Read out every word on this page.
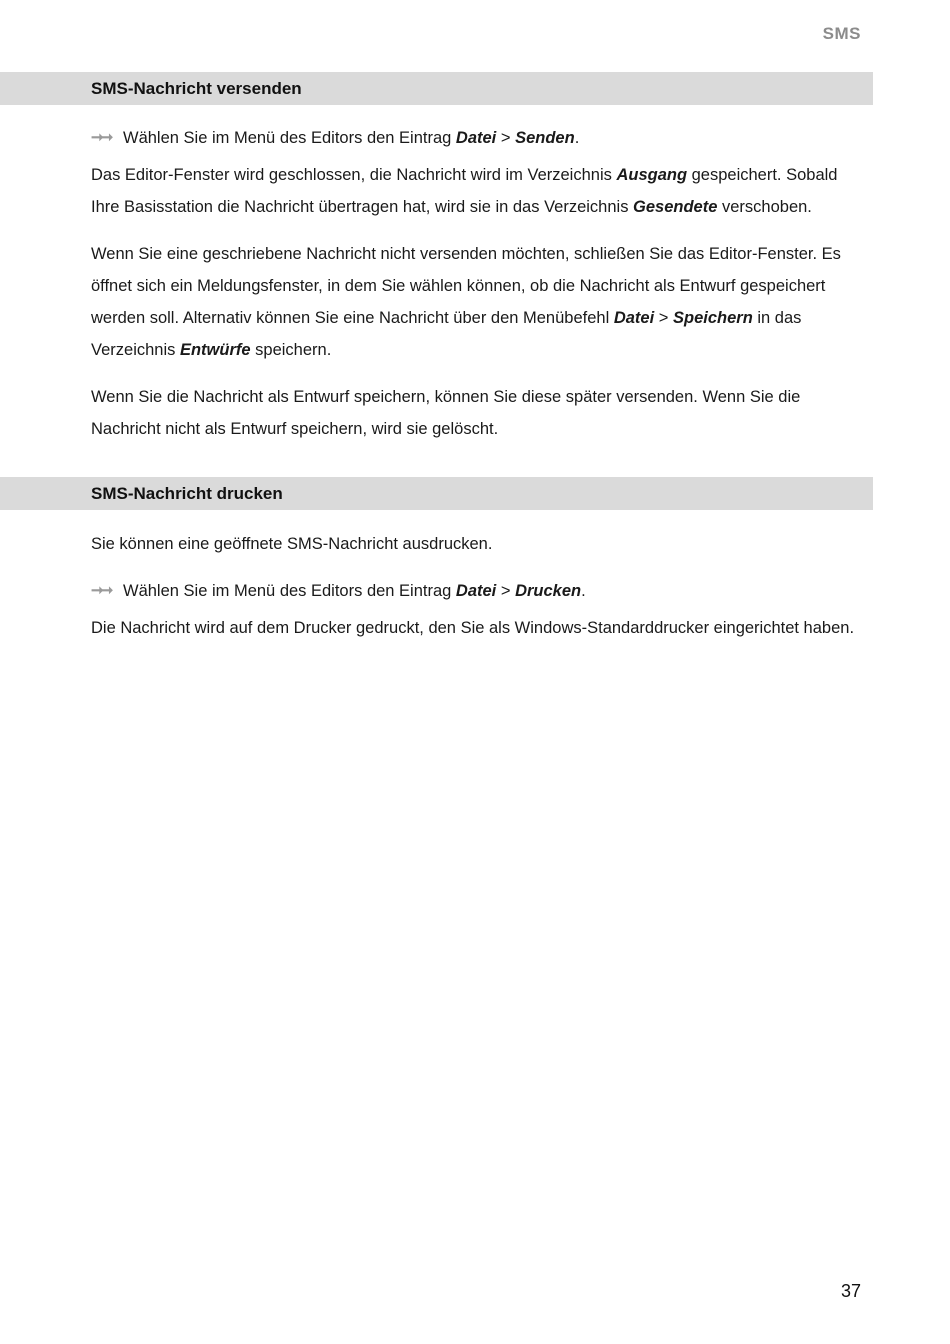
SMS
SMS-Nachricht versenden

➞➞ Wählen Sie im Menü des Editors den Eintrag Datei > Senden.

Das Editor-Fenster wird geschlossen, die Nachricht wird im Verzeichnis Ausgang gespeichert. Sobald Ihre Basisstation die Nachricht übertragen hat, wird sie in das Verzeichnis Gesendete verschoben.

Wenn Sie eine geschriebene Nachricht nicht versenden möchten, schließen Sie das Editor-Fenster. Es öffnet sich ein Meldungsfenster, in dem Sie wählen können, ob die Nachricht als Entwurf gespeichert werden soll. Alternativ können Sie eine Nachricht über den Menübefehl Datei > Speichern in das Verzeichnis Entwürfe speichern.

Wenn Sie die Nachricht als Entwurf speichern, können Sie diese später versenden. Wenn Sie die Nachricht nicht als Entwurf speichern, wird sie gelöscht.

SMS-Nachricht drucken

Sie können eine geöffnete SMS-Nachricht ausdrucken.

➞➞ Wählen Sie im Menü des Editors den Eintrag Datei > Drucken.

Die Nachricht wird auf dem Drucker gedruckt, den Sie als Windows-Standarddrucker eingerichtet haben.

37
